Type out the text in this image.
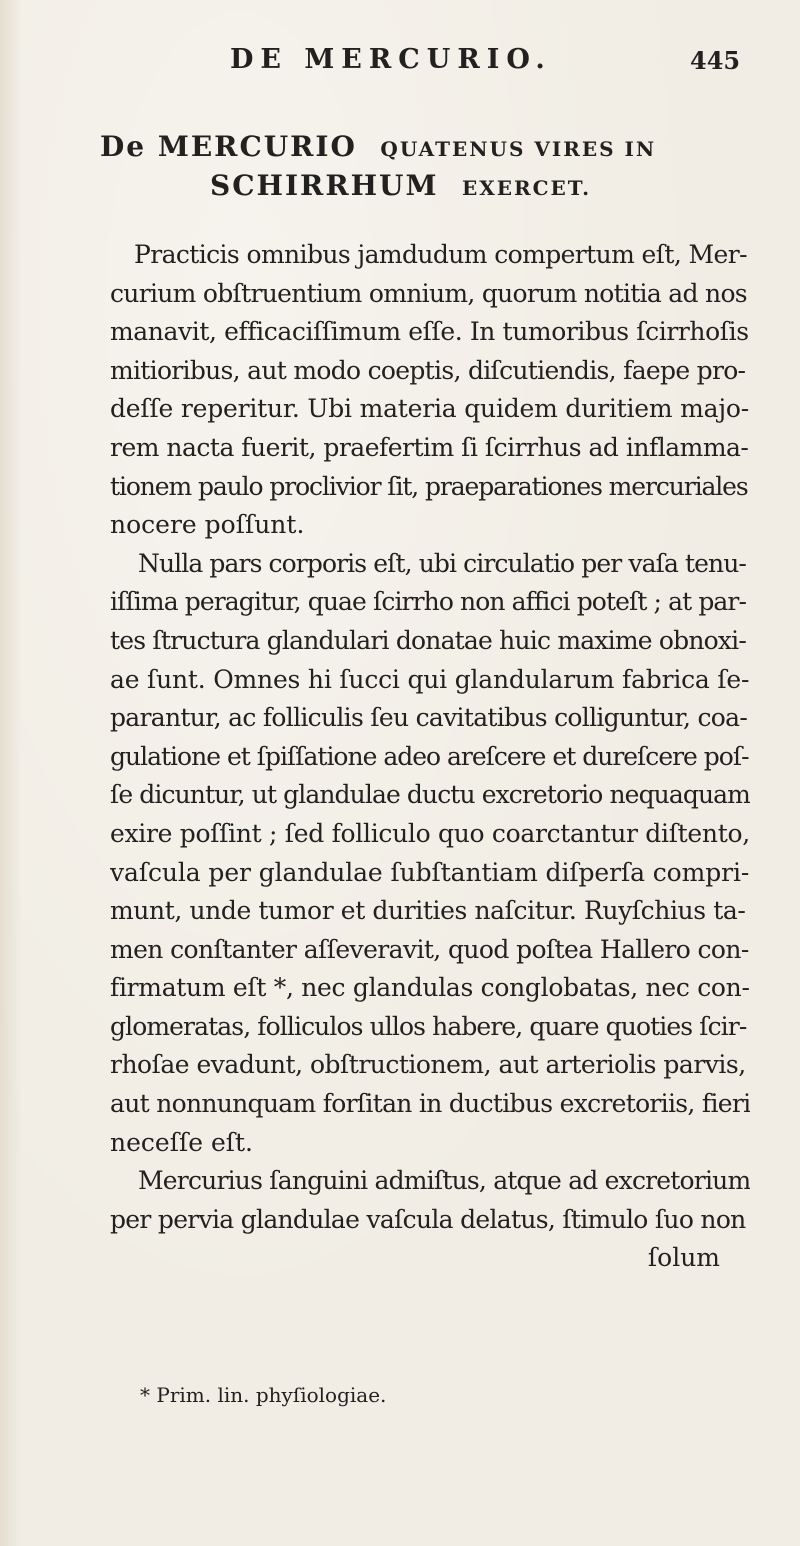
DE MERCURIO.	445
De MERCURIO QUATENUS VIRES IN
SCHIRRHUM EXERCET.
Practicis omnibus jamdudum compertum eſt, Mer-
curium obſtruentium omnium, quorum notitia ad nos
manavit, efficaciſſimum eſſe. In tumoribus ſcirrhoſis
mitioribus, aut modo coeptis, diſcutiendis, faepe pro-
deſſe reperitur. Ubi materia quidem duritiem majo-
rem nacta fuerit, praefertim ſi ſcirrhus ad inflamma-
tionem paulo proclivior ſit, praeparationes mercuriales
nocere poſſunt.
Nulla pars corporis eſt, ubi circulatio per vaſa tenu-
iſſima peragitur, quae ſcirrho non affici poteſt ; at par-
tes ſtructura glandulari donatae huic maxime obnoxi-
ae ſunt. Omnes hi ſucci qui glandularum fabrica ſe-
parantur, ac folliculis ſeu cavitatibus colliguntur, coa-
gulatione et ſpiſſatione adeo areſcere et dureſcere poſ-
ſe dicuntur, ut glandulae ductu excretorio nequaquam
exire poſſint ; ſed folliculo quo coarctantur diſtento,
vaſcula per glandulae ſubſtantiam diſperſa compri-
munt, unde tumor et durities naſcitur. Ruyſchius ta-
men conſtanter aſſeveravit, quod poſtea Hallero con-
firmatum eſt *, nec glandulas conglobatas, nec con-
glomeratas, folliculos ullos habere, quare quoties ſcir-
rhoſae evadunt, obſtructionem, aut arteriolis parvis,
aut nonnunquam forſitan in ductibus excretoriis, fieri
neceſſe eſt.
Mercurius ſanguini admiſtus, atque ad excretorium
per pervia glandulae vaſcula delatus, ſtimulo ſuo non
ſolum
* Prim. lin. phyſiologiae.
